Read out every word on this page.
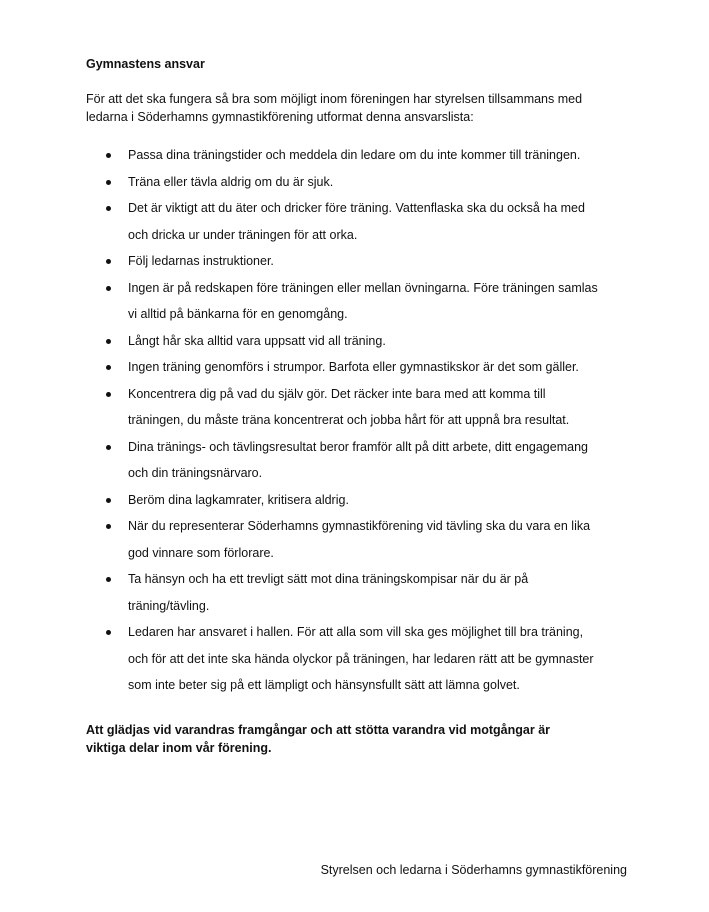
Gymnastens ansvar

För att det ska fungera så bra som möjligt inom föreningen har styrelsen tillsammans med

ledarna i Söderhamns gymnastikförening utformat denna ansvarslista:

Passa dina träningstider och meddela din ledare om du inte kommer till träningen.
Träna eller tävla aldrig om du är sjuk.
Det är viktigt att du äter och dricker före träning. Vattenflaska ska du också ha med
och dricka ur under träningen för att orka.
Följ ledarnas instruktioner.
Ingen är på redskapen före träningen eller mellan övningarna. Före träningen samlas
vi alltid på bänkarna för en genomgång.
Långt hår ska alltid vara uppsatt vid all träning.
Ingen träning genomförs i strumpor. Barfota eller gymnastikskor är det som gäller.
Koncentrera dig på vad du själv gör. Det räcker inte bara med att komma till
träningen, du måste träna koncentrerat och jobba hårt för att uppnå bra resultat.
Dina tränings- och tävlingsresultat beror framför allt på ditt arbete, ditt engagemang
och din träningsnärvaro.
Beröm dina lagkamrater, kritisera aldrig.
När du representerar Söderhamns gymnastikförening vid tävling ska du vara en lika
god vinnare som förlorare.
Ta hänsyn och ha ett trevligt sätt mot dina träningskompisar när du är på
träning/tävling.
Ledaren har ansvaret i hallen. För att alla som vill ska ges möjlighet till bra träning,
och för att det inte ska hända olyckor på träningen, har ledaren rätt att be gymnaster
som inte beter sig på ett lämpligt och hänsynsfullt sätt att lämna golvet.

Att glädjas vid varandras framgångar och att stötta varandra vid motgångar är

viktiga delar inom vår förening.

Styrelsen och ledarna i Söderhamns gymnastikförening
